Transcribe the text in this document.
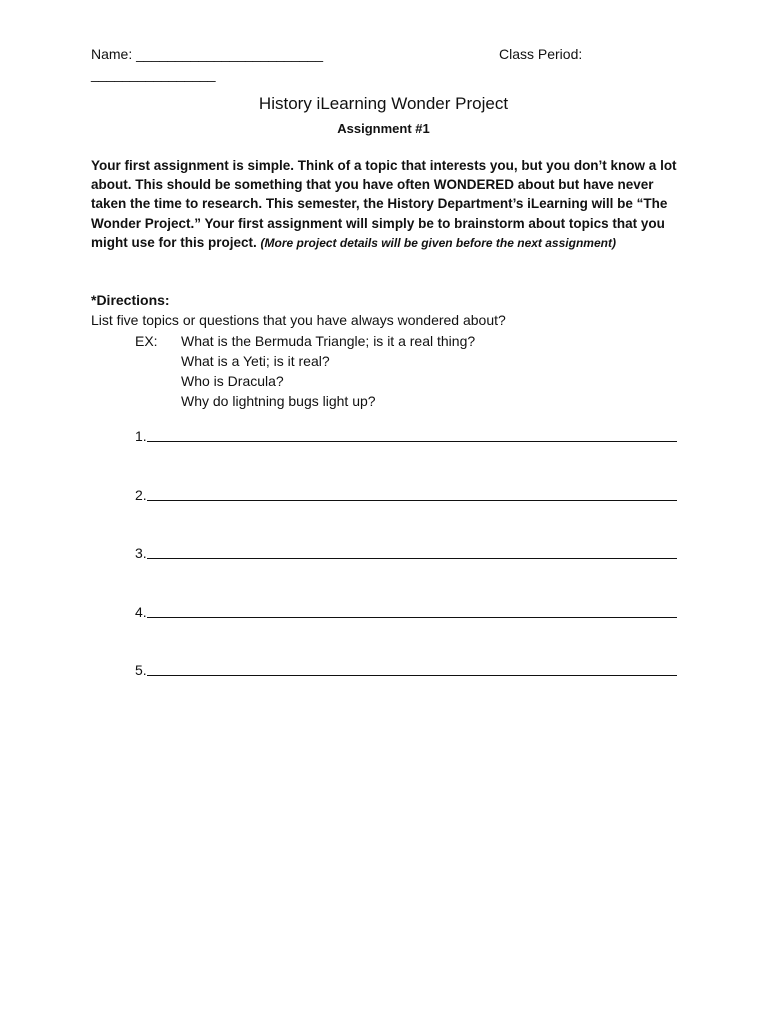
Name: ________________________	Class Period:
________________
History iLearning Wonder Project
Assignment #1
Your first assignment is simple. Think of a topic that interests you, but you don’t know a lot about. This should be something that you have often WONDERED about but have never taken the time to research. This semester, the History Department’s iLearning will be “The Wonder Project.” Your first assignment will simply be to brainstorm about topics that you might use for this project. (More project details will be given before the next assignment)
*Directions:
List five topics or questions that you have always wondered about?
EX:	What is the Bermuda Triangle; is it a real thing?
What is a Yeti; is it real?
Who is Dracula?
Why do lightning bugs light up?
1.
2.
3.
4.
5.
